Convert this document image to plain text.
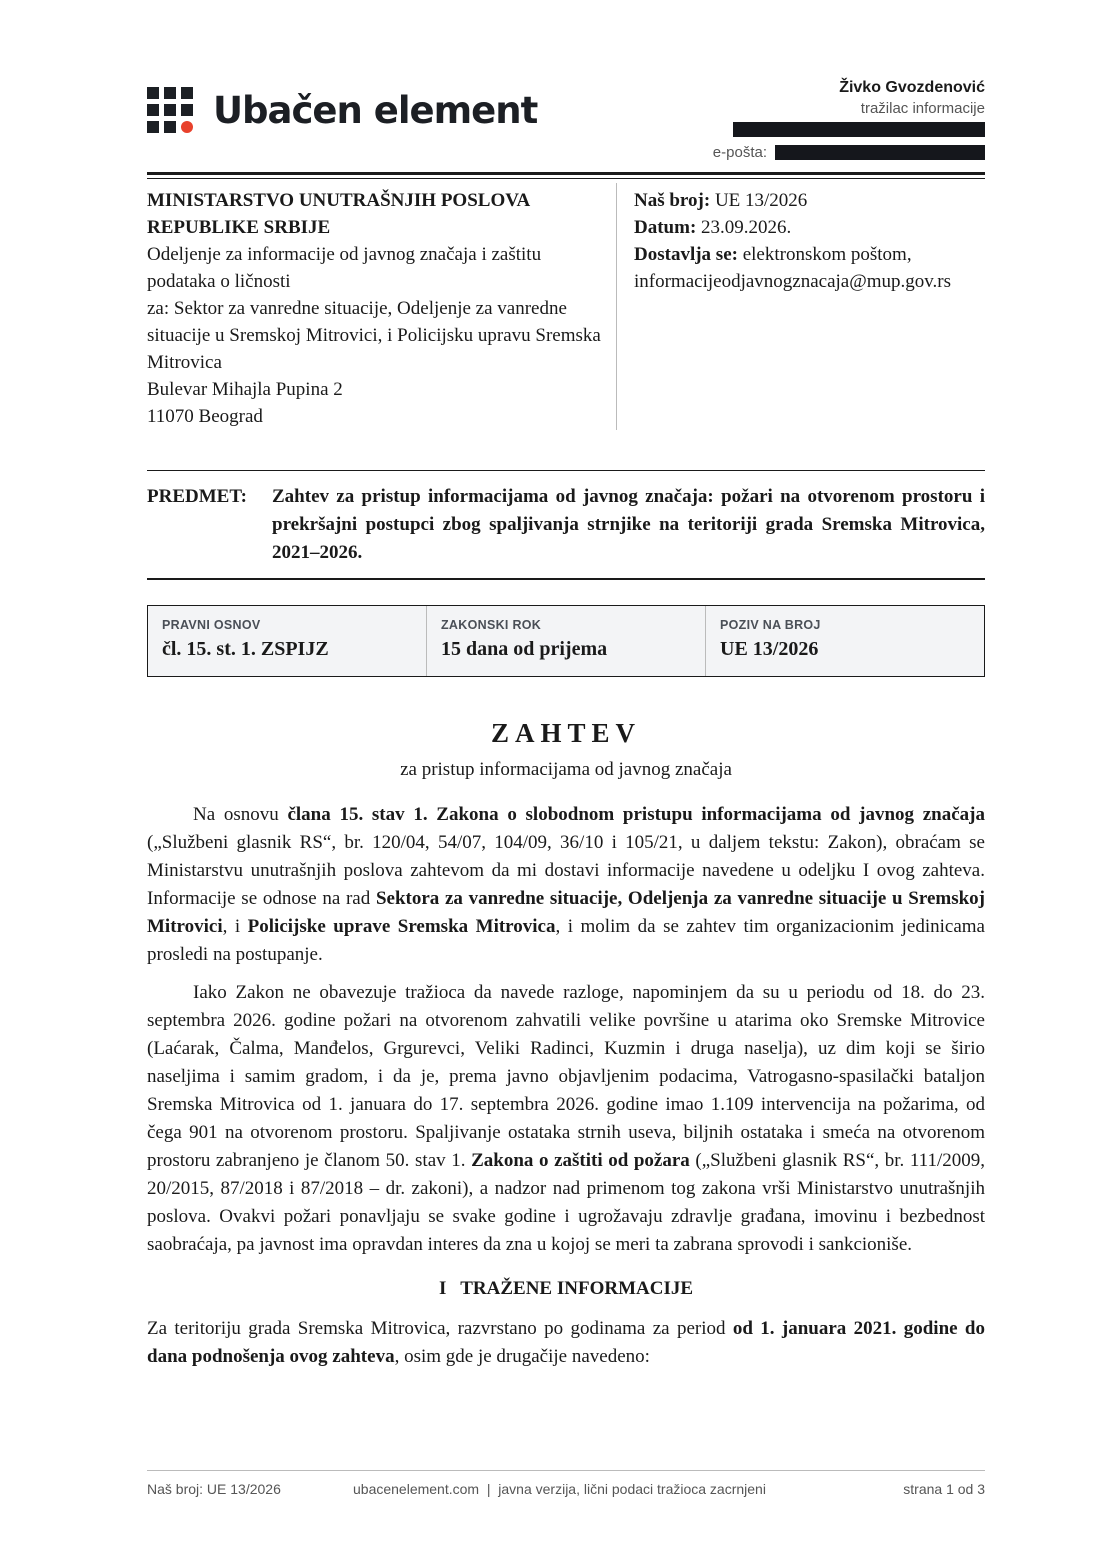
Ubačen element
Živko Gvozdenović
tražilac informacije
e-pošta:
MINISTARSTVO UNUTRAŠNJIH POSLOVA
REPUBLIKE SRBIJE
Odeljenje za informacije od javnog značaja i zaštitu podataka o ličnosti
za: Sektor za vanredne situacije, Odeljenje za vanredne situacije u Sremskoj Mitrovici, i Policijsku upravu Sremska Mitrovica
Bulevar Mihajla Pupina 2
11070 Beograd
Naš broj: UE 13/2026
Datum: 23.09.2026.
Dostavlja se: elektronskom poštom,
informacijeodjavnogznacaja@mup.gov.rs
PREDMET:	Zahtev za pristup informacijama od javnog značaja: požari na otvorenom prostoru i prekršajni postupci zbog spaljivanja strnjike na teritoriji grada Sremska Mitrovica, 2021–2026.
PRAVNI OSNOV
čl. 15. st. 1. ZSPIJZ
ZAKONSKI ROK
15 dana od prijema
POZIV NA BROJ
UE 13/2026
ZAHTEV
za pristup informacijama od javnog značaja

Na osnovu člana 15. stav 1. Zakona o slobodnom pristupu informacijama od javnog značaja („Službeni glasnik RS“, br. 120/04, 54/07, 104/09, 36/10 i 105/21, u daljem tekstu: Zakon), obraćam se Ministarstvu unutrašnjih poslova zahtevom da mi dostavi informacije navedene u odeljku I ovog zahteva. Informacije se odnose na rad Sektora za vanredne situacije, Odeljenja za vanredne situacije u Sremskoj Mitrovici, i Policijske uprave Sremska Mitrovica, i molim da se zahtev tim organizacionim jedinicama prosledi na postupanje.

Iako Zakon ne obavezuje tražioca da navede razloge, napominjem da su u periodu od 18. do 23. septembra 2026. godine požari na otvorenom zahvatili velike površine u atarima oko Sremske Mitrovice (Laćarak, Čalma, Manđelos, Grgurevci, Veliki Radinci, Kuzmin i druga naselja), uz dim koji se širio naseljima i samim gradom, i da je, prema javno objavljenim podacima, Vatrogasno-spasilački bataljon Sremska Mitrovica od 1. januara do 17. septembra 2026. godine imao 1.109 intervencija na požarima, od čega 901 na otvorenom prostoru. Spaljivanje ostataka strnih useva, biljnih ostataka i smeća na otvorenom prostoru zabranjeno je članom 50. stav 1. Zakona o zaštiti od požara („Službeni glasnik RS“, br. 111/2009, 20/2015, 87/2018 i 87/2018 – dr. zakoni), a nadzor nad primenom tog zakona vrši Ministarstvo unutrašnjih poslova. Ovakvi požari ponavljaju se svake godine i ugrožavaju zdravlje građana, imovinu i bezbednost saobraćaja, pa javnost ima opravdan interes da zna u kojoj se meri ta zabrana sprovodi i sankcioniše.

I   TRAŽENE INFORMACIJE

Za teritoriju grada Sremska Mitrovica, razvrstano po godinama za period od 1. januara 2021. godine do dana podnošenja ovog zahteva, osim gde je drugačije navedeno:

Naš broj: UE 13/2026	ubacenelement.com  |  javna verzija, lični podaci tražioca zacrnjeni	strana 1 od 3
